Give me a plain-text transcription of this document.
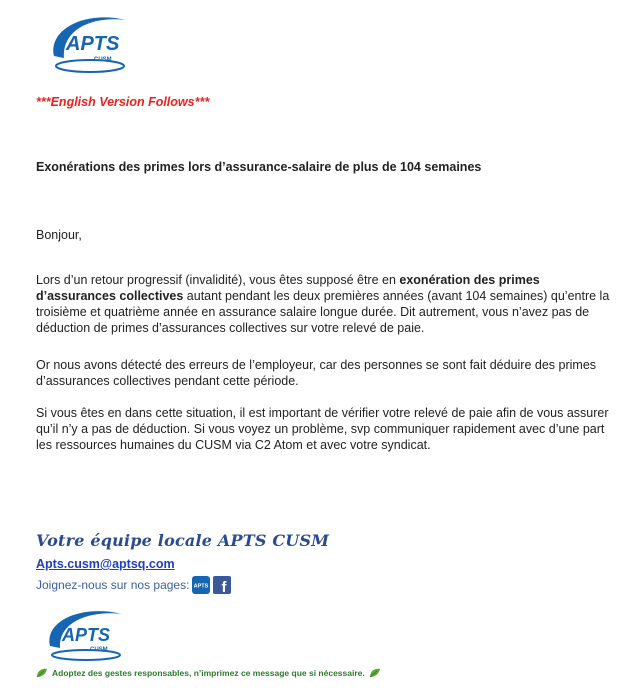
APTS
CUSM
***English Version Follows***
Exonérations des primes lors d’assurance-salaire de plus de 104 semaines
Bonjour,

Lors d’un retour progressif (invalidité), vous êtes supposé être en exonération des primes d’assurances collectives autant pendant les deux premières années (avant 104 semaines) qu’entre la troisième et quatrième année en assurance salaire longue durée. Dit autrement, vous n’avez pas de déduction de primes d’assurances collectives sur votre relevé de paie.

Or nous avons détecté des erreurs de l’employeur, car des personnes se sont fait déduire des primes d’assurances collectives pendant cette période.

Si vous êtes en dans cette situation, il est important de vérifier votre relevé de paie afin de vous assurer qu’il n’y a pas de déduction. Si vous voyez un problème, svp communiquer rapidement avec d’une part les ressources humaines du CUSM via C2 Atom et avec votre syndicat.

Votre équipe locale APTS CUSM
Apts.cusm@aptsq.com
Joignez-nous sur nos pages: APTS f
APTS
CUSM
Adoptez des gestes responsables, n’imprimez ce message que si nécessaire.
